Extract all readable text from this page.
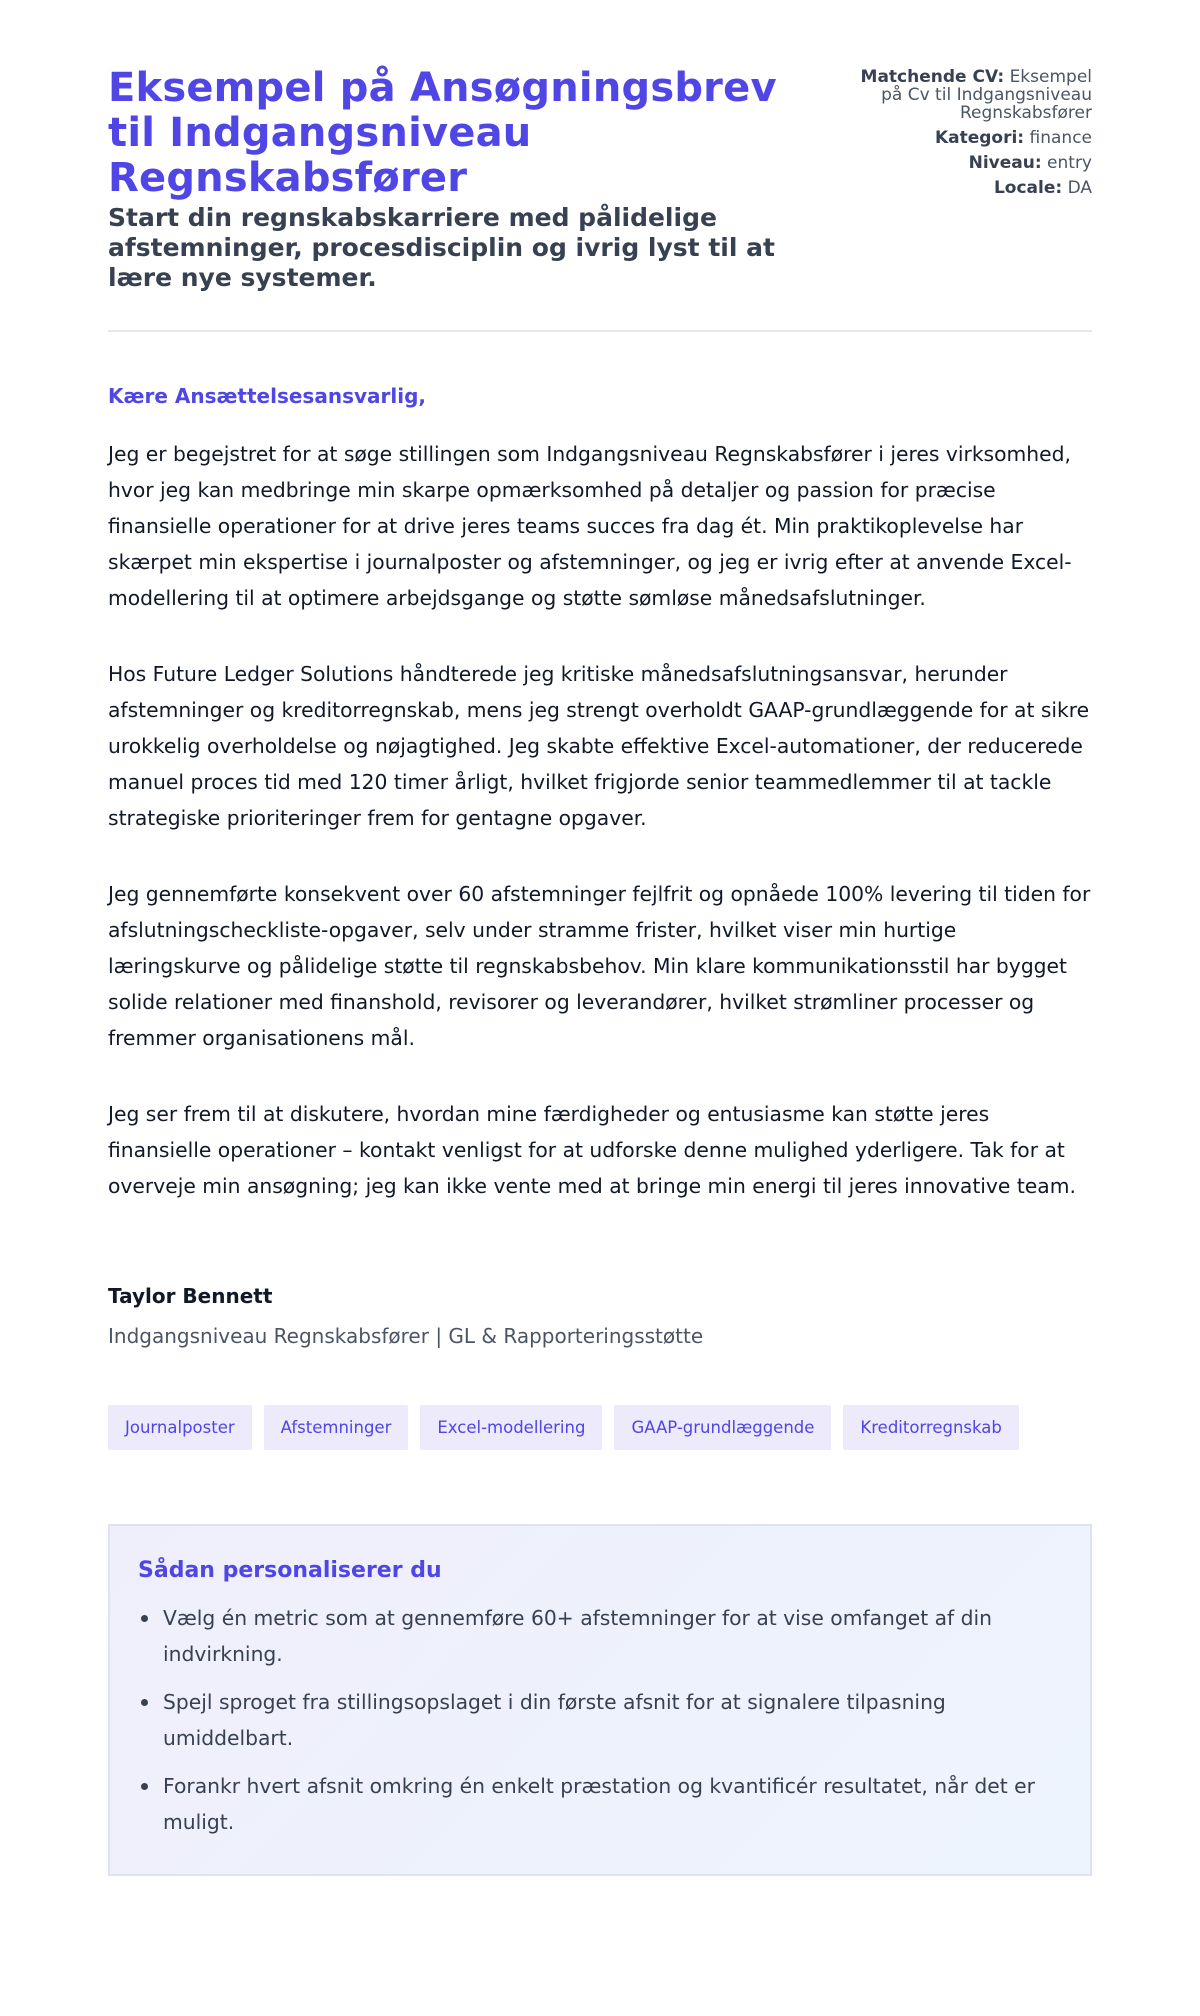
Eksempel på Ansøgningsbrev til Indgangsniveau Regnskabsfører
Start din regnskabskarriere med pålidelige afstemninger, procesdisciplin og ivrig lyst til at lære nye systemer.
Matchende CV: Eksempel på Cv til Indgangsniveau Regnskabsfører
Kategori: finance
Niveau: entry
Locale: DA
Kære Ansættelsesansvarlig,

Jeg er begejstret for at søge stillingen som Indgangsniveau Regnskabsfører i jeres virksomhed, hvor jeg kan medbringe min skarpe opmærksomhed på detaljer og passion for præcise finansielle operationer for at drive jeres teams succes fra dag ét. Min praktikoplevelse har skærpet min ekspertise i journalposter og afstemninger, og jeg er ivrig efter at anvende Excel-modellering til at optimere arbejdsgange og støtte sømløse månedsafslutninger.

Hos Future Ledger Solutions håndterede jeg kritiske månedsafslutningsansvar, herunder afstemninger og kreditorregnskab, mens jeg strengt overholdt GAAP-grundlæggende for at sikre urokkelig overholdelse og nøjagtighed. Jeg skabte effektive Excel-automationer, der reducerede manuel proces tid med 120 timer årligt, hvilket frigjorde senior teammedlemmer til at tackle strategiske prioriteringer frem for gentagne opgaver.

Jeg gennemførte konsekvent over 60 afstemninger fejlfrit og opnåede 100% levering til tiden for afslutningscheckliste-opgaver, selv under stramme frister, hvilket viser min hurtige læringskurve og pålidelige støtte til regnskabsbehov. Min klare kommunikationsstil har bygget solide relationer med finanshold, revisorer og leverandører, hvilket strømliner processer og fremmer organisationens mål.

Jeg ser frem til at diskutere, hvordan mine færdigheder og entusiasme kan støtte jeres finansielle operationer – kontakt venligst for at udforske denne mulighed yderligere. Tak for at overveje min ansøgning; jeg kan ikke vente med at bringe min energi til jeres innovative team.

Taylor Bennett
Indgangsniveau Regnskabsfører | GL & Rapporteringsstøtte
Journalposter	Afstemninger	Excel-modellering	GAAP-grundlæggende	Kreditorregnskab
Sådan personaliserer du
Vælg én metric som at gennemføre 60+ afstemninger for at vise omfanget af din indvirkning.
Spejl sproget fra stillingsopslaget i din første afsnit for at signalere tilpasning umiddelbart.
Forankr hvert afsnit omkring én enkelt præstation og kvantificér resultatet, når det er muligt.
